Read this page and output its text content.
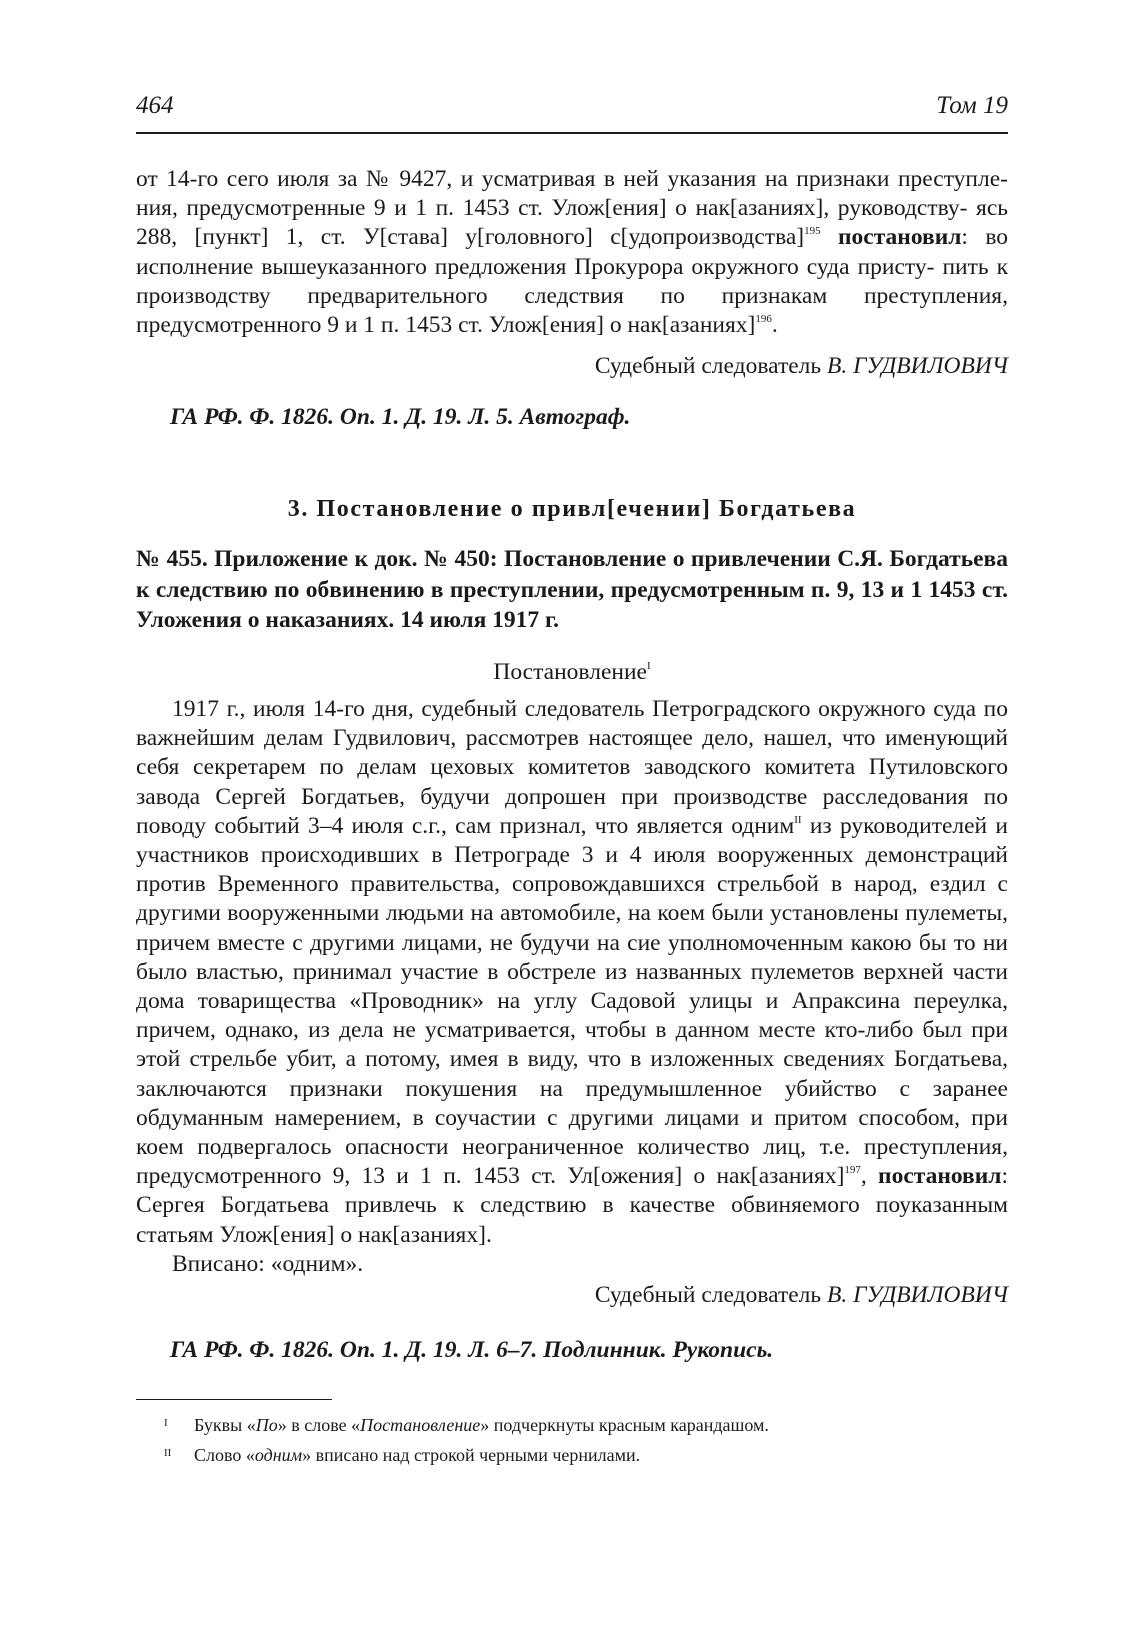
464	Том 19

от 14-го сего июля за № 9427, и усматривая в ней указания на признаки преступле- ния, предусмотренные 9 и 1 п. 1453 ст. Улож[ения] о нак[азаниях], руководству- ясь 288, [пункт] 1, ст. У[става] у[головного] с[удопроизводства]$^{195}$ постановил: во исполнение вышеуказанного предложения Прокурора окружного суда присту- пить к производству предварительного следствия по признакам преступления, предусмотренного 9 и 1 п. 1453 ст. Улож[ения] о нак[азаниях]$^{196}$.

Судебный следователь В. ГУДВИЛОВИЧ
ГА РФ. Ф. 1826. Оп. 1. Д. 19. Л. 5. Автограф.
3. Постановление о привл[ечении] Богдатьева
№ 455. Приложение к док. № 450: Постановление о привлечении С.Я. Богдатьева к следствию по обвинению в преступлении, предусмотренным п. 9, 13 и 1 1453 ст. Уложения о наказаниях. 14 июля 1917 г.
Постановление$^I$

1917 г., июля 14-го дня, судебный следователь Петроградского окружного суда по важнейшим делам Гудвилович, рассмотрев настоящее дело, нашел, что именующий себя секретарем по делам цеховых комитетов заводского комитета Путиловского завода Сергей Богдатьев, будучи допрошен при производстве расследования по поводу событий 3–4 июля с.г., сам признал, что является одним$^{II}$ из руководителей и участников происходивших в Петрограде 3 и 4 июля вооруженных демонстраций против Временного правительства, сопровождавшихся стрельбой в народ, ездил с другими вооруженными людьми на автомобиле, на коем были установлены пулеметы, причем вместе с другими лицами, не будучи на сие уполномоченным какою бы то ни было властью, принимал участие в обстреле из названных пулеметов верхней части дома товарищества «Проводник» на углу Садовой улицы и Апраксина переулка, причем, однако, из дела не усматривается, чтобы в данном месте кто-либо был при этой стрельбе убит, а потому, имея в виду, что в изложенных сведениях Богдатьева, заключаются признаки покушения на предумышленное убийство с заранее обдуманным намерением, в соучастии с другими лицами и притом способом, при коем подвергалось опасности неограниченное количество лиц, т.е. преступления, предусмотренного 9, 13 и 1 п. 1453 ст. Ул[ожения] о нак[азаниях]$^{197}$, постановил: Сергея Богдатьева привлечь к следствию в качестве обвиняемого поуказанным статьям Улож[ения] о нак[азаниях].

Вписано: «одним».

Судебный следователь В. ГУДВИЛОВИЧ
ГА РФ. Ф. 1826. Оп. 1. Д. 19. Л. 6–7. Подлинник. Рукопись.
I Буквы «По» в слове «Постановление» подчеркнуты красным карандашом.
II Слово «одним» вписано над строкой черными чернилами.
